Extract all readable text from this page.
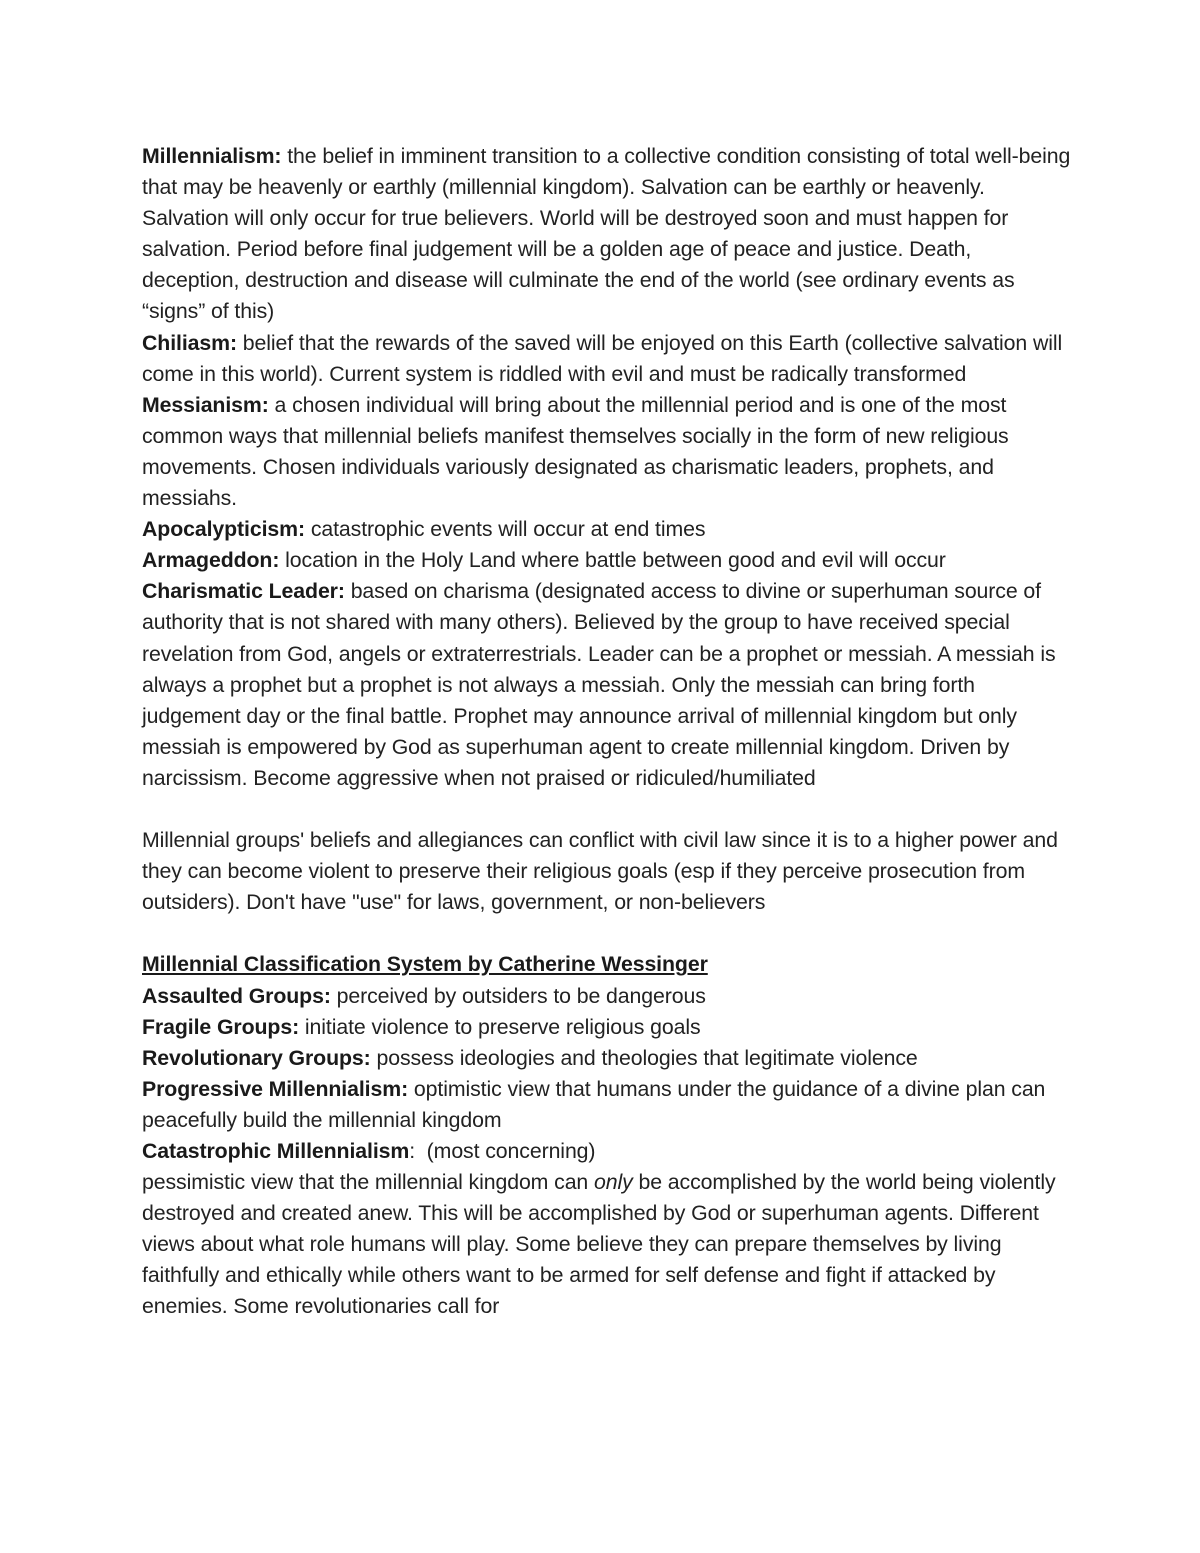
Millennialism: the belief in imminent transition to a collective condition consisting of total well-being that may be heavenly or earthly (millennial kingdom). Salvation can be earthly or heavenly. Salvation will only occur for true believers. World will be destroyed soon and must happen for salvation. Period before final judgement will be a golden age of peace and justice. Death, deception, destruction and disease will culminate the end of the world (see ordinary events as “signs” of this)

Chiliasm: belief that the rewards of the saved will be enjoyed on this Earth (collective salvation will come in this world). Current system is riddled with evil and must be radically transformed

Messianism: a chosen individual will bring about the millennial period and is one of the most common ways that millennial beliefs manifest themselves socially in the form of new religious movements. Chosen individuals variously designated as charismatic leaders, prophets, and messiahs.

Apocalypticism: catastrophic events will occur at end times

Armageddon: location in the Holy Land where battle between good and evil will occur

Charismatic Leader: based on charisma (designated access to divine or superhuman source of authority that is not shared with many others). Believed by the group to have received special revelation from God, angels or extraterrestrials. Leader can be a prophet or messiah. A messiah is always a prophet but a prophet is not always a messiah. Only the messiah can bring forth judgement day or the final battle. Prophet may announce arrival of millennial kingdom but only messiah is empowered by God as superhuman agent to create millennial kingdom. Driven by narcissism. Become aggressive when not praised or ridiculed/humiliated

Millennial groups' beliefs and allegiances can conflict with civil law since it is to a higher power and they can become violent to preserve their religious goals (esp if they perceive prosecution from outsiders). Don't have "use" for laws, government, or non-believers

Millennial Classification System by Catherine Wessinger

Assaulted Groups: perceived by outsiders to be dangerous

Fragile Groups: initiate violence to preserve religious goals

Revolutionary Groups: possess ideologies and theologies that legitimate violence

Progressive Millennialism: optimistic view that humans under the guidance of a divine plan can peacefully build the millennial kingdom

Catastrophic Millennialism:  (most concerning)

pessimistic view that the millennial kingdom can only be accomplished by the world being violently destroyed and created anew. This will be accomplished by God or superhuman agents. Different views about what role humans will play. Some believe they can prepare themselves by living faithfully and ethically while others want to be armed for self defense and fight if attacked by enemies. Some revolutionaries call for
